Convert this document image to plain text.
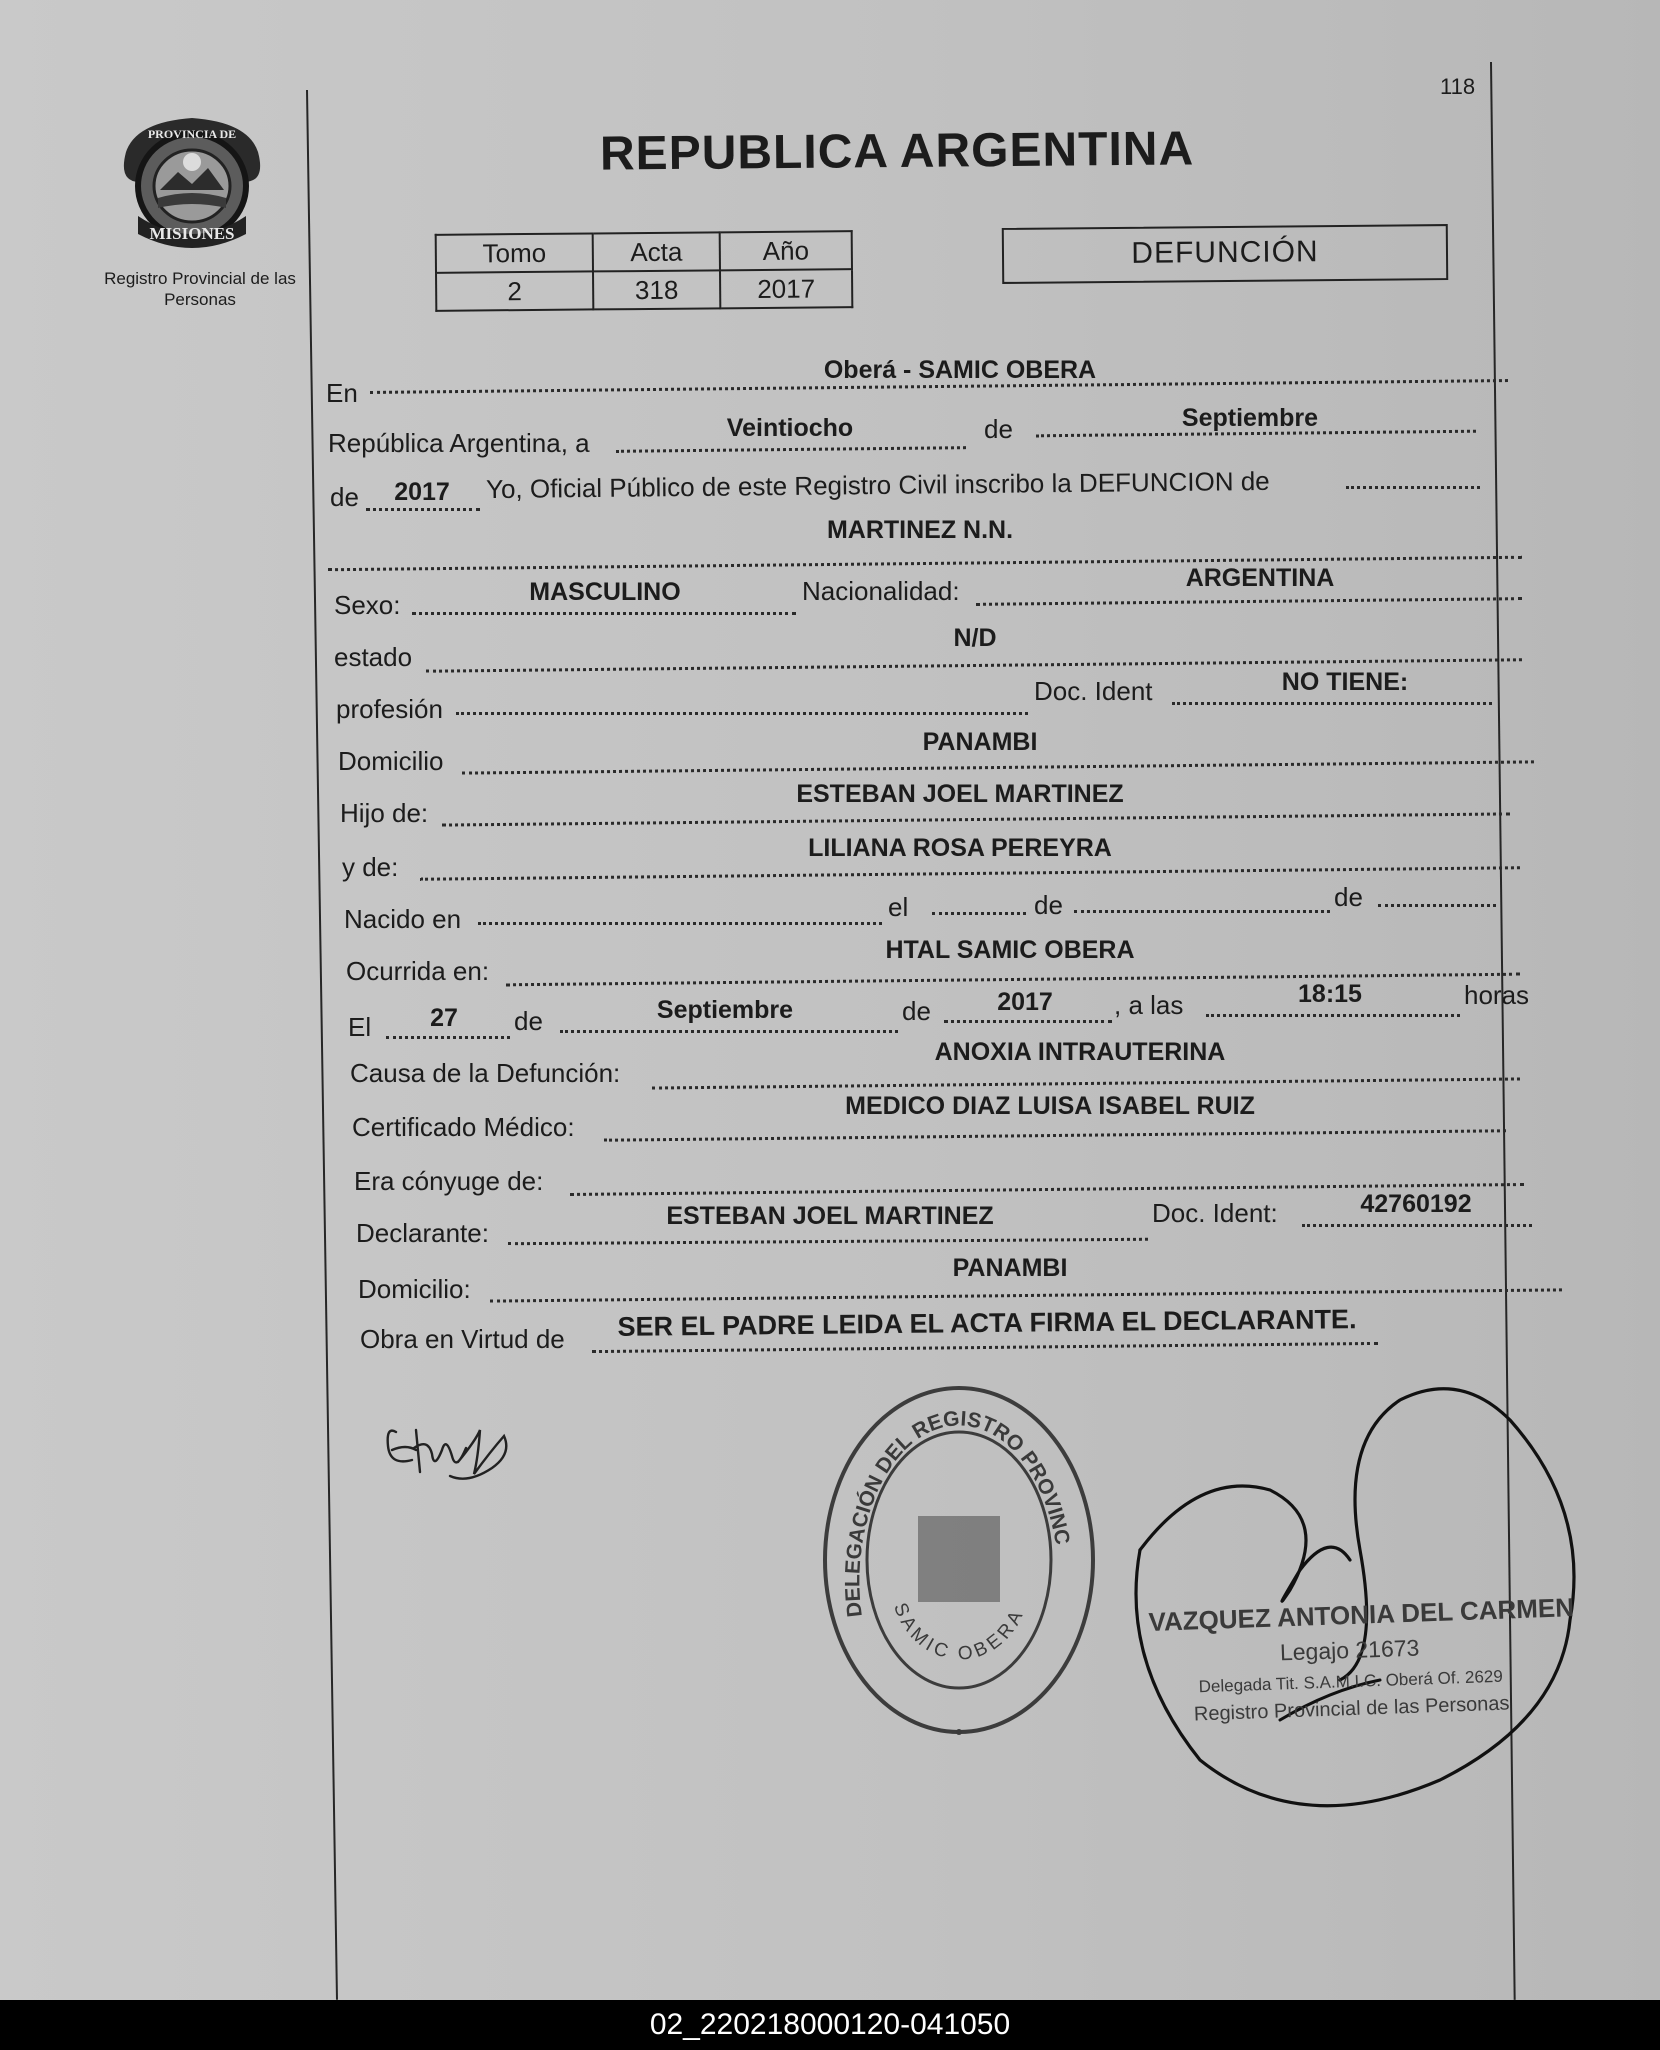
118
PROVINCIA DE
MISIONES
Registro Provincial de las Personas
REPUBLICA ARGENTINA
Tomo	Acta	Año
2	318	2017
DEFUNCIÓN
En
Oberá - SAMIC OBERA
República Argentina, a	Veintiocho	de	Septiembre
de	2017	Yo, Oficial Público de este Registro Civil inscribo la DEFUNCION de
MARTINEZ N.N.
Sexo:	MASCULINO	Nacionalidad:	ARGENTINA
estado
N/D
profesión
Doc. Ident	NO TIENE:
Domicilio
PANAMBI
Hijo de:
ESTEBAN JOEL MARTINEZ
y de:
LILIANA ROSA PEREYRA
Nacido en	el	de	de
Ocurrida en:
HTAL SAMIC OBERA
El	27	de	Septiembre	de	2017	, a las	18:15	horas
Causa de la Defunción:
ANOXIA INTRAUTERINA
Certificado Médico:
MEDICO DIAZ LUISA ISABEL RUIZ
Era cónyuge de:
Declarante:
ESTEBAN JOEL MARTINEZ	Doc. Ident:	42760192
Domicilio:
PANAMBI
Obra en Virtud de	SER EL PADRE LEIDA EL ACTA FIRMA EL DECLARANTE.
DELEGACIÓN DEL REGISTRO PROVINCIAL DE LAS PERSONAS
SAMIC OBERA	VAZQUEZ ANTONIA DEL CARMEN
Legajo 21673
Delegada Tit. S.A.M.I.C. Oberá Of. 2629
Registro Provincial de las Personas
02_220218000120-041050
